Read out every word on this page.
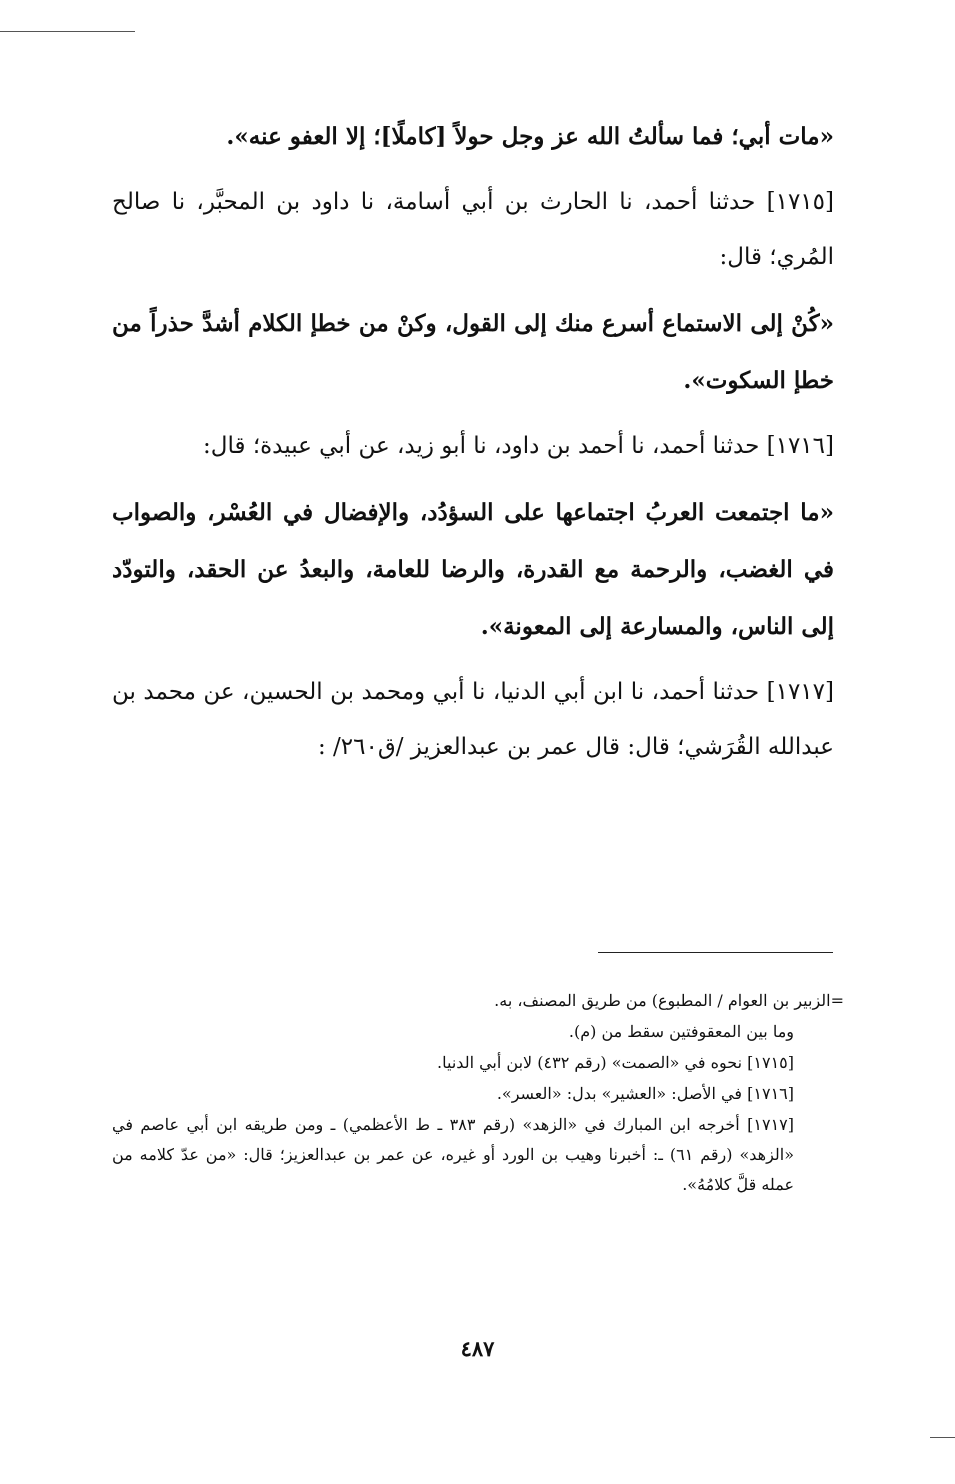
«مات أبي؛ فما سألتُ الله عز وجل حولاً [كاملًا]؛ إلا العفو عنه».

[١٧١٥] حدثنا أحمد، نا الحارث بن أبي أسامة، نا داود بن المحبَّر، نا صالح المُري؛ قال:

«كُنْ إلى الاستماع أسرع منك إلى القول، وكنْ من خطإ الكلام أشدَّ حذراً من خطإ السكوت».

[١٧١٦] حدثنا أحمد، نا أحمد بن داود، نا أبو زيد، عن أبي عبيدة؛ قال:

«ما اجتمعت العربُ اجتماعها على السؤدُد، والإفضال في العُسْر، والصواب في الغضب، والرحمة مع القدرة، والرضا للعامة، والبعدُ عن الحقد، والتودّد إلى الناس، والمسارعة إلى المعونة».

[١٧١٧] حدثنا أحمد، نا ابن أبي الدنيا، نا أبي ومحمد بن الحسين، عن محمد بن عبدالله القُرَشي؛ قال: قال عمر بن عبدالعزيز /ق٢٦٠/ :

=الزبير بن العوام / المطبوع) من طريق المصنف، به.

وما بين المعقوفتين سقط من (م).

[١٧١٥] نحوه في «الصمت» (رقم ٤٣٢) لابن أبي الدنيا.

[١٧١٦] في الأصل: «العشير» بدل: «العسر».

[١٧١٧] أخرجه ابن المبارك في «الزهد» (رقم ٣٨٣ ـ ط الأعظمي) ـ ومن طريقه ابن أبي عاصم في «الزهد» (رقم ٦١) ـ: أخبرنا وهيب بن الورد أو غيره، عن عمر بن عبدالعزيز؛ قال: «من عدّ كلامه من عمله قلَّ كلامُهُ».

٤٨٧
